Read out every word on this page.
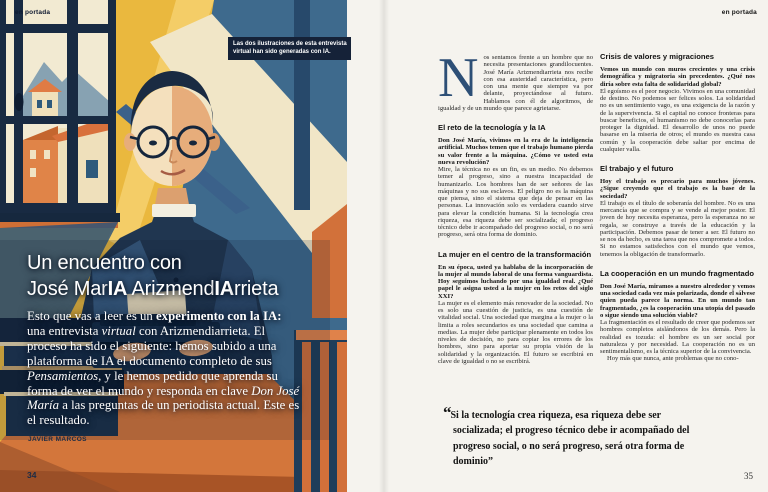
en portada
Las dos ilustraciones de esta entrevista
virtual han sido generadas con IA.
Un encuentro con
José MarIA ArizmendIArrieta

Esto que vas a leer es un experimento con la IA: una entrevista virtual con Arizmendiarrieta. El proceso ha sido el siguiente: hemos subido a una plataforma de IA el documento completo de sus Pensamientos, y le hemos pedido que aprenda su forma de ver el mundo y responda en clave Don José María a las preguntas de un periodista actual. Este es el resultado.

JAVIER MARCOS
34
en portada

Nos sentamos frente a un hombre que no necesita presentaciones grandilocuentes. José María Arizmendiarrieta nos recibe con esa austeridad característica, pero con una mente que siempre va por delante, proyectándose al futuro. Hablamos con él de algoritmos, de igualdad y de un mundo que parece agrietarse.

El reto de la tecnología y la IA

Don José María, vivimos en la era de la inteligencia artificial. Muchos temen que el trabajo humano pierda su valor frente a la máquina. ¿Cómo ve usted esta nueva revolución?

Mire, la técnica no es un fin, es un medio. No debemos temer al progreso, sino a nuestra incapacidad de humanizarlo. Los hombres han de ser señores de las máquinas y no sus esclavos. El peligro no es la máquina que piensa, sino el sistema que deja de pensar en las personas. La innovación solo es verdadera cuando sirve para elevar la condición humana. Si la tecnología crea riqueza, esa riqueza debe ser socializada; el progreso técnico debe ir acompañado del progreso social, o no será progreso, será otra forma de dominio.

La mujer en el centro de la transformación

En su época, usted ya hablaba de la incorporación de la mujer al mundo laboral de una forma vanguardista. Hoy seguimos luchando por una igualdad real. ¿Qué papel le asigna usted a la mujer en los retos del siglo XXI?

La mujer es el elemento más renovador de la sociedad. No es solo una cuestión de justicia, es una cuestión de vitalidad social. Una sociedad que margina a la mujer o la limita a roles secundarios es una sociedad que camina a medias. La mujer debe participar plenamente en todos los niveles de decisión, no para copiar los errores de los hombres, sino para aportar su propia visión de la solidaridad y la organización. El futuro se escribirá en clave de igualdad o no se escribirá.

Crisis de valores y migraciones

Vemos un mundo con muros crecientes y una crisis demográfica y migratoria sin precedentes. ¿Qué nos diría sobre esta falta de solidaridad global?

El egoísmo es el peor negocio. Vivimos en una comunidad de destino. No podemos ser felices solos. La solidaridad no es un sentimiento vago, es una exigencia de la razón y de la supervivencia. Si el capital no conoce fronteras para buscar beneficios, el humanismo no debe conocerlas para proteger la dignidad. El desarrollo de unos no puede basarse en la miseria de otros; el mundo es nuestra casa común y la cooperación debe saltar por encima de cualquier valla.

El trabajo y el futuro

Hoy el trabajo es precario para muchos jóvenes. ¿Sigue creyendo que el trabajo es la base de la sociedad?

El trabajo es el título de soberanía del hombre. No es una mercancía que se compra y se vende al mejor postor. El joven de hoy necesita esperanza, pero la esperanza no se regala, se construye a través de la educación y la participación. Debemos pasar de tener a ser. El futuro no se nos da hecho, es una tarea que nos compromete a todos. Si no estamos satisfechos con el mundo que vemos, tenemos la obligación de transformarlo.

La cooperación en un mundo fragmentado

Don José María, miramos a nuestro alrededor y vemos una sociedad cada vez más polarizada, donde el sálvese quien pueda parece la norma. En un mundo tan fragmentado, ¿es la cooperación una utopía del pasado o sigue siendo una solución viable?

La fragmentación es el resultado de creer que podemos ser hombres completos aislándonos de los demás. Pero la realidad es tozuda: el hombre es un ser social por naturaleza y por necesidad. La cooperación no es un sentimentalismo, es la técnica superior de la convivencia.

Hoy más que nunca, ante problemas que no cono-

“Si la tecnología crea riqueza, esa riqueza debe ser socializada; el progreso técnico debe ir acompañado del progreso social, o no será progreso, será otra forma de dominio”
35
